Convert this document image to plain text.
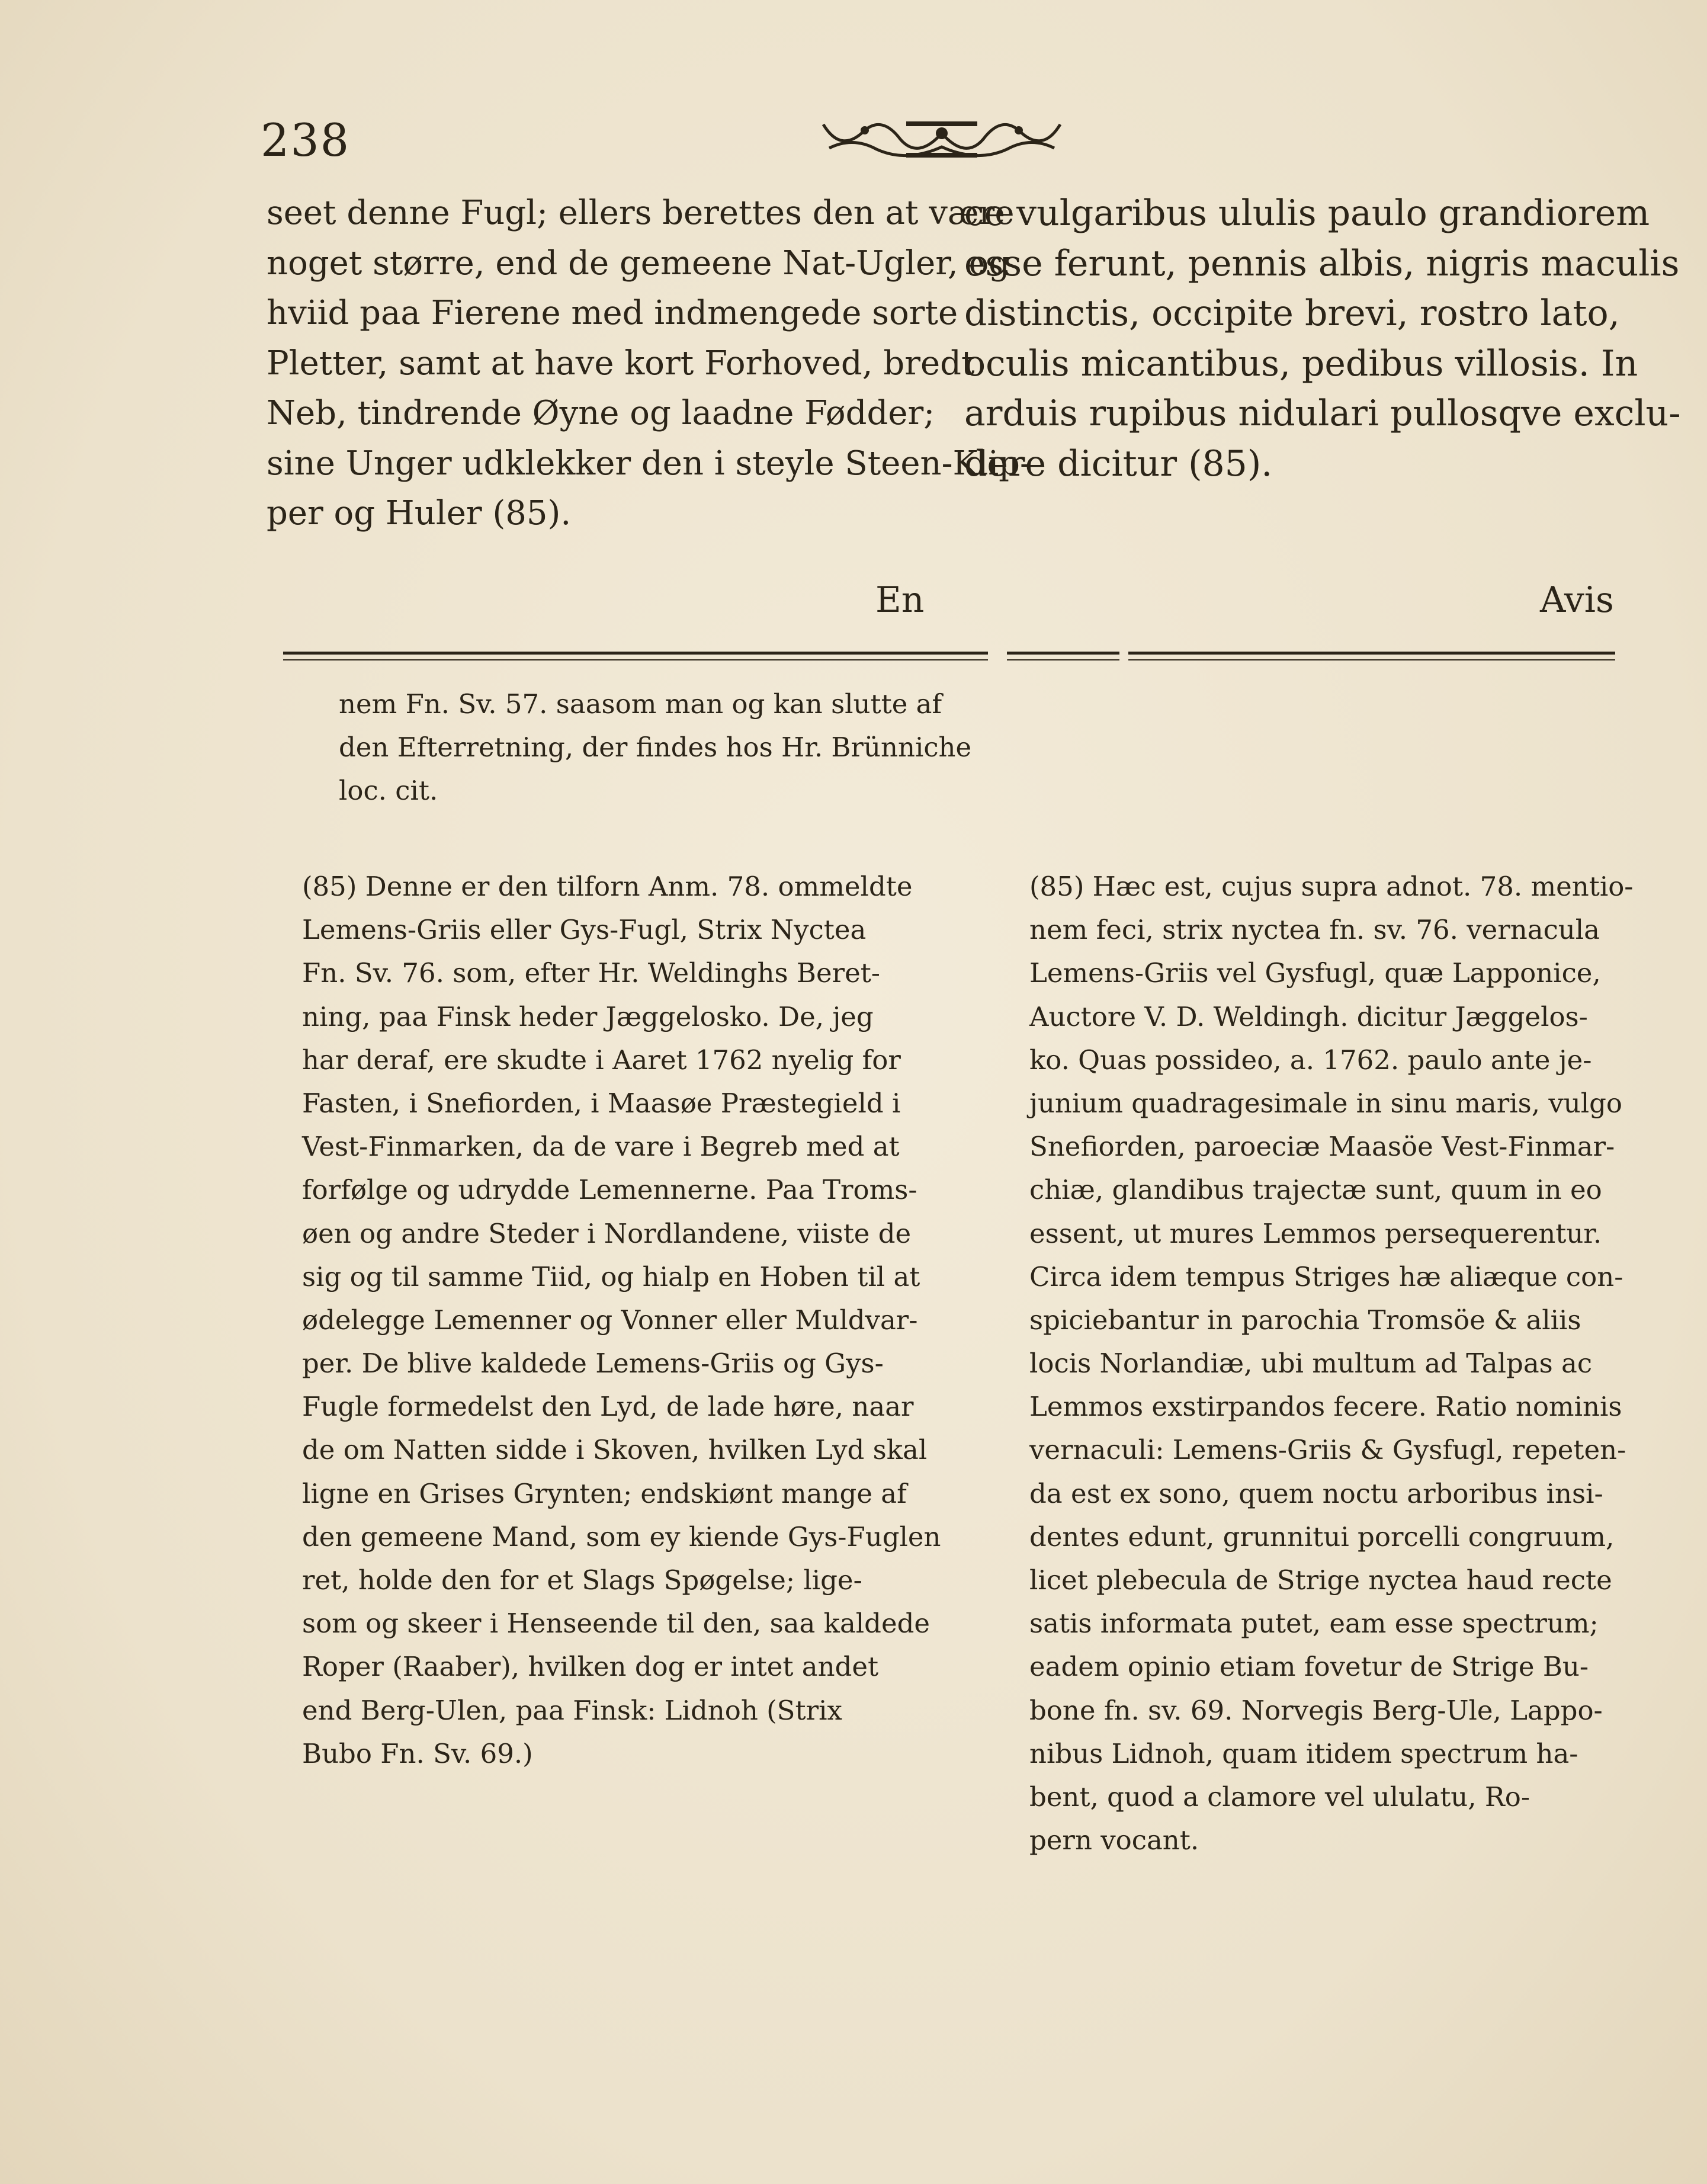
238
seet denne Fugl; ellers berettes den at være
noget større, end de gemeene Nat-Ugler, og
hviid paa Fierene med indmengede sorte
Pletter, samt at have kort Forhoved, bredt
Neb, tindrende Øyne og laadne Fødder;
sine Unger udklekker den i steyle Steen-Klip-
per og Huler (85).
ce vulgaribus ululis paulo grandiorem
esse ferunt, pennis albis, nigris maculis
distinctis, occipite brevi, rostro lato,
oculis micantibus, pedibus villosis. In
arduis rupibus nidulari pullosqve exclu-
dere dicitur (85).
En	Avis
nem Fn. Sv. 57. saasom man og kan slutte af
den Efterretning, der findes hos Hr. Brünniche
loc. cit.
(85) Denne er den tilforn Anm. 78. ommeldte
Lemens-Griis eller Gys-Fugl, Strix Nyctea
Fn. Sv. 76. som, efter Hr. Weldinghs Beret-
ning, paa Finsk heder Jæggelosko. De, jeg
har deraf, ere skudte i Aaret 1762 nyelig for
Fasten, i Snefiorden, i Maasøe Præstegield i
Vest-Finmarken, da de vare i Begreb med at
forfølge og udrydde Lemennerne. Paa Troms-
øen og andre Steder i Nordlandene, viiste de
sig og til samme Tiid, og hialp en Hoben til at
ødelegge Lemenner og Vonner eller Muldvar-
per. De blive kaldede Lemens-Griis og Gys-
Fugle formedelst den Lyd, de lade høre, naar
de om Natten sidde i Skoven, hvilken Lyd skal
ligne en Grises Grynten; endskiønt mange af
den gemeene Mand, som ey kiende Gys-Fuglen
ret, holde den for et Slags Spøgelse; lige-
som og skeer i Henseende til den, saa kaldede
Roper (Raaber), hvilken dog er intet andet
end Berg-Ulen, paa Finsk: Lidnoh (Strix
Bubo Fn. Sv. 69.)
(85) Hæc est, cujus supra adnot. 78. mentio-
nem feci, strix nyctea fn. sv. 76. vernacula
Lemens-Griis vel Gysfugl, quæ Lapponice,
Auctore V. D. Weldingh. dicitur Jæggelos-
ko. Quas possideo, a. 1762. paulo ante je-
junium quadragesimale in sinu maris, vulgo
Snefiorden, paroeciæ Maasöe Vest-Finmar-
chiæ, glandibus trajectæ sunt, quum in eo
essent, ut mures Lemmos persequerentur.
Circa idem tempus Striges hæ aliæque con-
spiciebantur in parochia Tromsöe & aliis
locis Norlandiæ, ubi multum ad Talpas ac
Lemmos exstirpandos fecere. Ratio nominis
vernaculi: Lemens-Griis & Gysfugl, repeten-
da est ex sono, quem noctu arboribus insi-
dentes edunt, grunnitui porcelli congruum,
licet plebecula de Strige nyctea haud recte
satis informata putet, eam esse spectrum;
eadem opinio etiam fovetur de Strige Bu-
bone fn. sv. 69. Norvegis Berg-Ule, Lappo-
nibus Lidnoh, quam itidem spectrum ha-
bent, quod a clamore vel ululatu, Ro-
pern vocant.
